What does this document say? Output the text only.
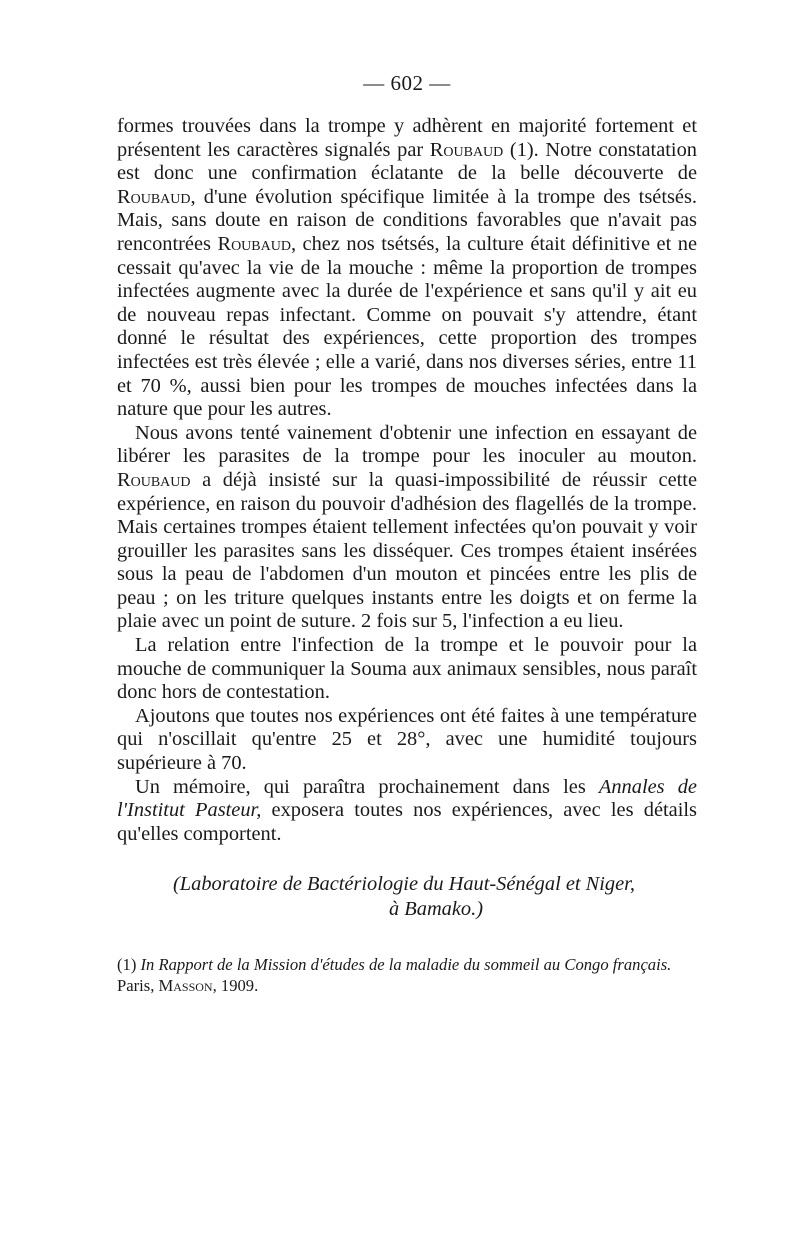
— 602 —

formes trouvées dans la trompe y adhèrent en majorité fortement et présentent les caractères signalés par Roubaud (1). Notre constatation est donc une confirmation éclatante de la belle découverte de Roubaud, d'une évolution spécifique limitée à la trompe des tsétsés. Mais, sans doute en raison de conditions favorables que n'avait pas rencontrées Roubaud, chez nos tsétsés, la culture était définitive et ne cessait qu'avec la vie de la mouche : même la proportion de trompes infectées augmente avec la durée de l'expérience et sans qu'il y ait eu de nouveau repas infectant. Comme on pouvait s'y attendre, étant donné le résultat des expériences, cette proportion des trompes infectées est très élevée ; elle a varié, dans nos diverses séries, entre 11 et 70 %, aussi bien pour les trompes de mouches infectées dans la nature que pour les autres.

Nous avons tenté vainement d'obtenir une infection en essayant de libérer les parasites de la trompe pour les inoculer au mouton. Roubaud a déjà insisté sur la quasi-impossibilité de réussir cette expérience, en raison du pouvoir d'adhésion des flagellés de la trompe. Mais certaines trompes étaient tellement infectées qu'on pouvait y voir grouiller les parasites sans les disséquer. Ces trompes étaient insérées sous la peau de l'abdomen d'un mouton et pincées entre les plis de peau ; on les triture quelques instants entre les doigts et on ferme la plaie avec un point de suture. 2 fois sur 5, l'infection a eu lieu.

La relation entre l'infection de la trompe et le pouvoir pour la mouche de communiquer la Souma aux animaux sensibles, nous paraît donc hors de contestation.

Ajoutons que toutes nos expériences ont été faites à une température qui n'oscillait qu'entre 25 et 28°, avec une humidité toujours supérieure à 70.

Un mémoire, qui paraîtra prochainement dans les Annales de l'Institut Pasteur, exposera toutes nos expériences, avec les détails qu'elles comportent.

(Laboratoire de Bactériologie du Haut-Sénégal et Niger,
à Bamako.)
(1) In Rapport de la Mission d'études de la maladie du sommeil au Congo français. Paris, Masson, 1909.
